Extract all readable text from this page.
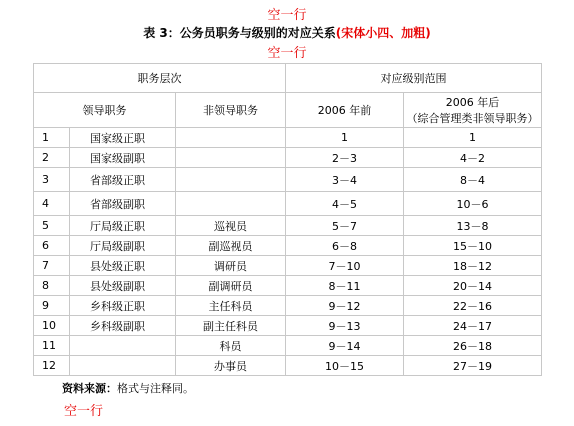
空一行
表 3：公务员职务与级别的对应关系(宋体小四、加粗)
空一行
职务层次			对应级别范围	
领导职务		非领导职务	2006 年前	2006 年后
（综合管理类非领导职务）

1	国家级正职		1	1
2	国家级副职		2－3	4－2
3	省部级正职		3－4	8－4
4	省部级副职		4－5	10－6
5	厅局级正职	巡视员	5－7	13－8
6	厅局级副职	副巡视员	6－8	15－10
7	县处级正职	调研员	7－10	18－12
8	县处级副职	副调研员	8－11	20－14
9	乡科级正职	主任科员	9－12	22－16
10	乡科级副职	副主任科员	9－13	24－17
11		科员	9－14	26－18
12		办事员	10－15	27－19
资料来源：格式与注释同。
空一行
